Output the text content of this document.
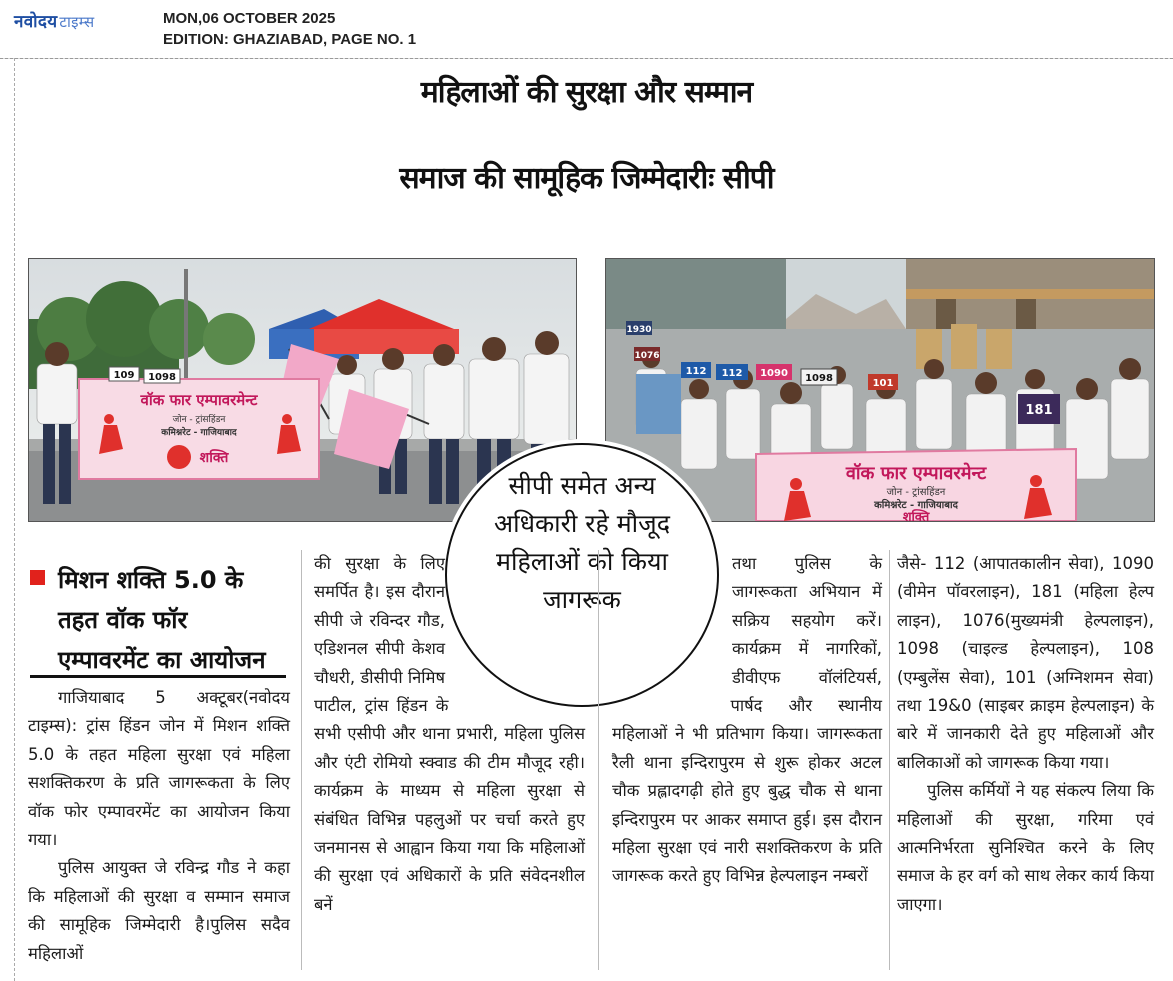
नवोदय टाइम्स	MON,06 OCTOBER 2025
EDITION: GHAZIABAD, PAGE NO. 1
महिलाओं की सुरक्षा और सम्मान
समाज की सामूहिक जिम्मेदारीः सीपी
वॉक फार एम्पावरमेन्ट
जोन - ट्रांसहिंडन
कमिश्नरेट - गाजियाबाद
शक्ति
109 1098
1930
1076
112 112 1090 1098	101
181
वॉक फार एम्पावरमेन्ट
जोन - ट्रांसहिंडन
कमिश्नरेट - गाजियाबाद
शक्ति
सीपी समेत अन्य अधिकारी रहे मौजूद महिलाओं को किया जागरूक
मिशन शक्ति 5.0 के तहत वॉक फॉर एम्पावरमेंट का आयोजन

गाजियाबाद 5 अक्टूबर(नवोदय टाइम्स): ट्रांस हिंडन जोन में मिशन शक्ति 5.0 के तहत महिला सुरक्षा एवं महिला सशक्तिकरण के प्रति जागरूकता के लिए वॉक फोर एम्पावरमेंट का आयोजन किया गया।

पुलिस आयुक्त जे रविन्द्र गौड ने कहा कि महिलाओं की सुरक्षा व सम्मान समाज की सामूहिक जिम्मेदारी है।पुलिस सदैव महिलाओं

की सुरक्षा के लिए समर्पित है। इस दौरान सीपी जे रविन्दर गौड, एडिशनल सीपी केशव चौधरी, डीसीपी निमिष पाटील, ट्रांस हिंडन के सभी एसीपी और थाना प्रभारी, महिला पुलिस और एंटी रोमियो स्क्वाड की टीम मौजूद रही। कार्यक्रम के माध्यम से महिला सुरक्षा से संबंधित विभिन्न पहलुओं पर चर्चा करते हुए जनमानस से आह्वान किया गया कि महिलाओं की सुरक्षा एवं अधिकारों के प्रति संवेदनशील बनें

तथा पुलिस के जागरूकता अभियान में सक्रिय सहयोग करें। कार्यक्रम में नागरिकों, डीवीएफ वॉलंटियर्स, पार्षद और स्थानीय महिलाओं ने भी प्रतिभाग किया। जागरूकता रैली थाना इन्दिरापुरम से शुरू होकर अटल चौक प्रह्लादगढ़ी होते हुए बुद्ध चौक से थाना इन्दिरापुरम पर आकर समाप्त हुई। इस दौरान महिला सुरक्षा एवं नारी सशक्तिकरण के प्रति जागरूक करते हुए विभिन्न हेल्पलाइन नम्बरों

जैसे- 112 (आपातकालीन सेवा), 1090 (वीमेन पॉवरलाइन), 181 (महिला हेल्प लाइन), 1076(मुख्यमंत्री हेल्पलाइन), 1098 (चाइल्ड हेल्पलाइन), 108 (एम्बुलेंस सेवा), 101 (अग्निशमन सेवा) तथा 19&0 (साइबर क्राइम हेल्पलाइन) के बारे में जानकारी देते हुए महिलाओं और बालिकाओं को जागरूक किया गया।

पुलिस कर्मियों ने यह संकल्प लिया कि महिलाओं की सुरक्षा, गरिमा एवं आत्मनिर्भरता सुनिश्चित करने के लिए समाज के हर वर्ग को साथ लेकर कार्य किया जाएगा।
